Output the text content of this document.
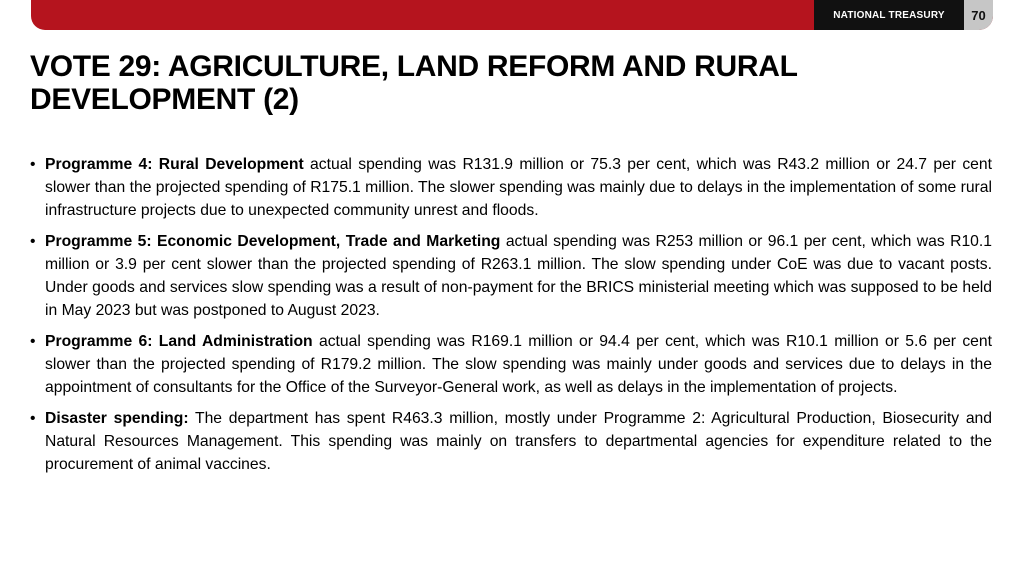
NATIONAL TREASURY 70
VOTE 29: AGRICULTURE, LAND REFORM AND RURAL DEVELOPMENT (2)
• Programme 4: Rural Development actual spending was R131.9 million or 75.3 per cent, which was R43.2 million or 24.7 per cent slower than the projected spending of R175.1 million. The slower spending was mainly due to delays in the implementation of some rural infrastructure projects due to unexpected community unrest and floods.
• Programme 5: Economic Development, Trade and Marketing actual spending was R253 million or 96.1 per cent, which was R10.1 million or 3.9 per cent slower than the projected spending of R263.1 million. The slow spending under CoE was due to vacant posts. Under goods and services slow spending was a result of non-payment for the BRICS ministerial meeting which was supposed to be held in May 2023 but was postponed to August 2023.
• Programme 6: Land Administration actual spending was R169.1 million or 94.4 per cent, which was R10.1 million or 5.6 per cent slower than the projected spending of R179.2 million. The slow spending was mainly under goods and services due to delays in the appointment of consultants for the Office of the Surveyor-General work, as well as delays in the implementation of projects.
• Disaster spending: The department has spent R463.3 million, mostly under Programme 2: Agricultural Production, Biosecurity and Natural Resources Management. This spending was mainly on transfers to departmental agencies for expenditure related to the procurement of animal vaccines.
